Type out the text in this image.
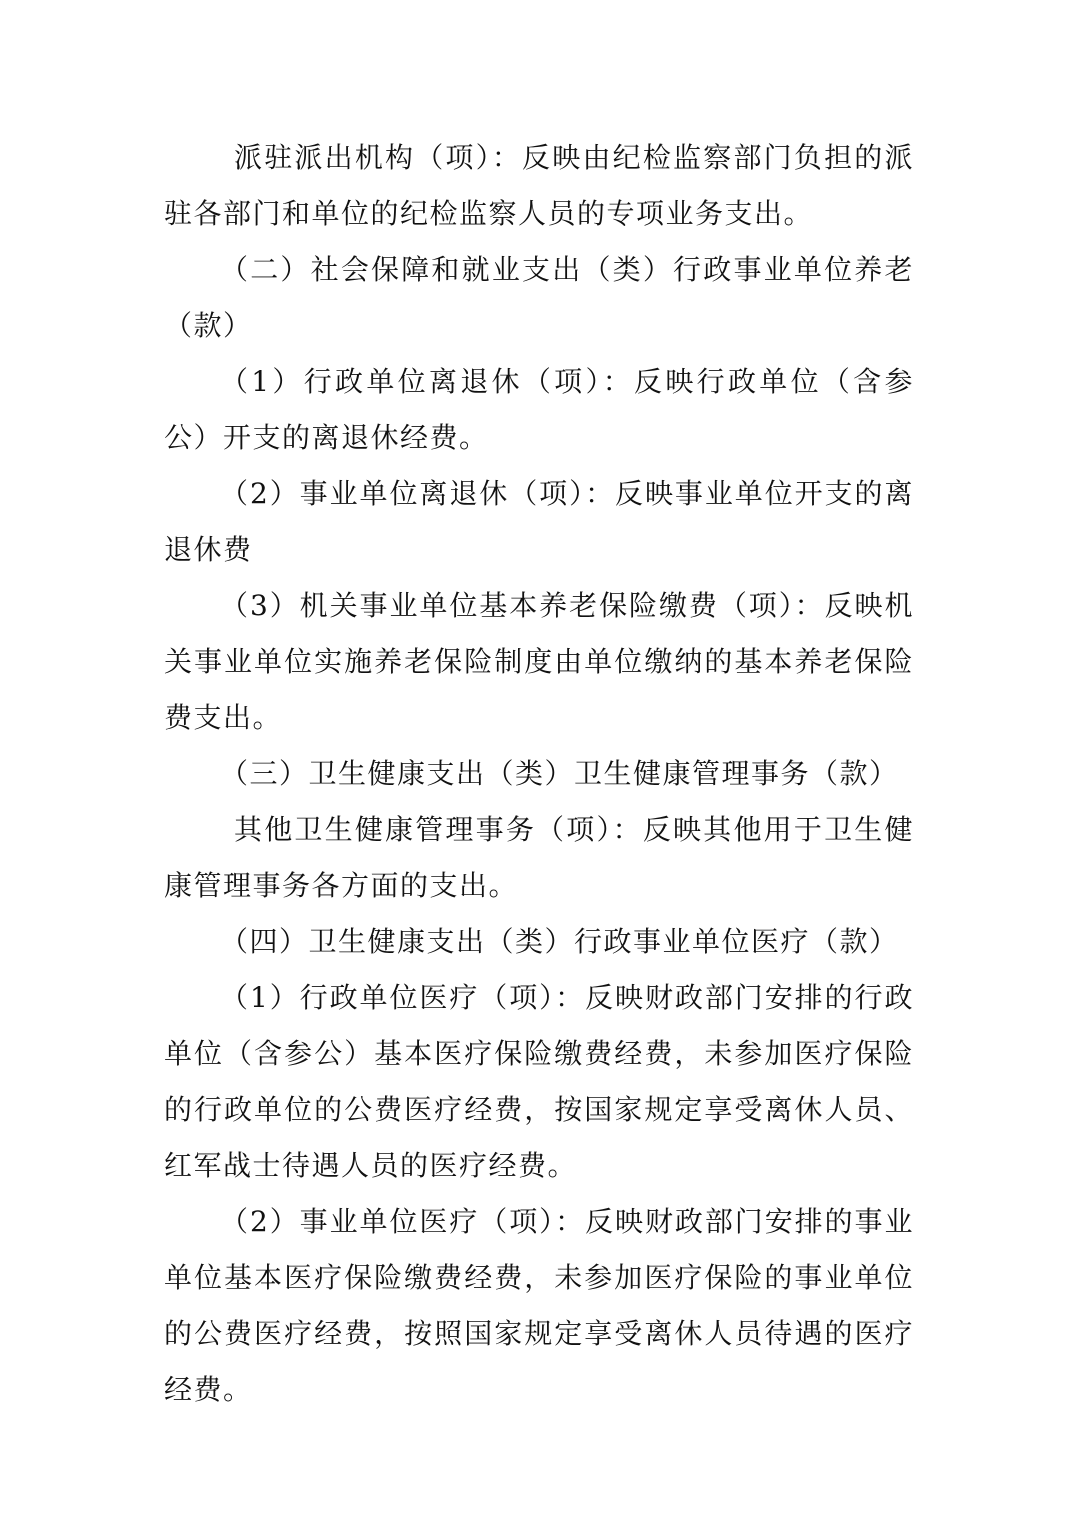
派驻派出机构（项）：反映由纪检监察部门负担的派驻各部门和单位的纪检监察人员的专项业务支出。

（二）社会保障和就业支出（类）行政事业单位养老（款）

（1）行政单位离退休（项）：反映行政单位（含参公）开支的离退休经费。

（2）事业单位离退休（项）：反映事业单位开支的离退休费

（3）机关事业单位基本养老保险缴费（项）：反映机关事业单位实施养老保险制度由单位缴纳的基本养老保险费支出。

（三）卫生健康支出（类）卫生健康管理事务（款）

其他卫生健康管理事务（项）：反映其他用于卫生健康管理事务各方面的支出。

（四）卫生健康支出（类）行政事业单位医疗（款）

（1）行政单位医疗（项）：反映财政部门安排的行政单位（含参公）基本医疗保险缴费经费，未参加医疗保险的行政单位的公费医疗经费，按国家规定享受离休人员、红军战士待遇人员的医疗经费。

（2）事业单位医疗（项）：反映财政部门安排的事业单位基本医疗保险缴费经费，未参加医疗保险的事业单位的公费医疗经费，按照国家规定享受离休人员待遇的医疗经费。
